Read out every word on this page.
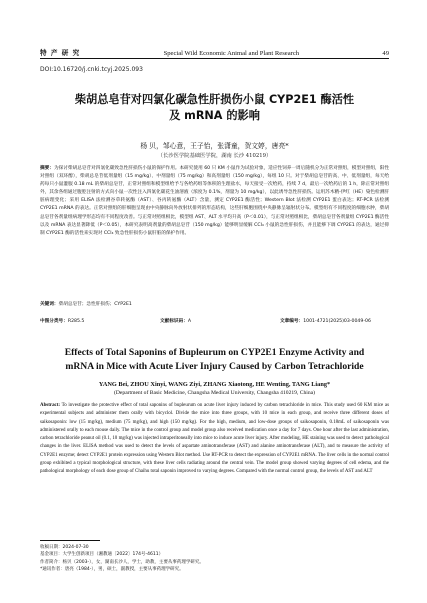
特 产 研 究	Special Wild Economic Animal and Plant Research	49
DOI:10.16720/j.cnki.tcyj.2025.093
柴胡总皂苷对四氯化碳急性肝损伤小鼠 CYP2E1 酶活性
及 mRNA 的影响
杨 贝，邹心意，王子怡，张潇童，贺文婷，唐亮*
（长沙医学院基础医学院，湖南 长沙 410219）
摘要：为探讨柴胡总皂苷对四氯化碳致急性肝损伤小鼠的保护作用。本研究使用 60 只 KM 小鼠作为试验对象，适应性饲养一周后随机分为正常对照组，模型对照组，阳性对照组（双环醇），柴胡总皂苷低剂量组（15 mg/kg）、中剂量组（75 mg/kg）和高剂量组（150 mg/kg），每组 10 只。对于柴胡总皂苷的高、中、低剂量组，每天给药每只小鼠灌服 0.18 mL 的柴胡总皂苷，正常对照组和模型组给予与各给药组等体积的生理盐水，每天接受一次给药，持续 7 d，最后一次给药后的 1 h，除正常对照组外，其余各组通过腹腔注射的方式向小鼠一次性注入四氯化碳花生油溶液（浓度为 0.1%，剂量为 10 mg/kg），以此诱导急性肝损伤。运用苏木精-伊红（HE）染色检测肝脏病理变化；采用 ELISA 法检测谷草转氨酶（AST）、谷丙转氨酶（ALT）含量，测定 CYP2E1 酶活性；Western Blot 法检测 CYP2E1 蛋白表达；RT-PCR 法检测 CYP2E1 mRNA 的表达。正常对照组的肝细胞呈现由中央静脉向外放射状排列的形态结构，这些肝细胞围绕中央静脉呈辐射状分布。模型组有不同程度的细胞水肿，柴胡总皂苷各剂量组病理学形态均有不同程度改善。与正常对照组相比，模型组 AST、ALT 水平均升高（P＜0.01），与正常对照组相比，柴胡总皂苷各剂量组 CYP2E1 酶活性以及 mRNA 表达显著降低（P＜0.05），本研究表明高剂量的柴胡总皂苷（150 mg/kg）能够明显缓解 CCl₄ 小鼠的急性肝损伤，并且能够下调 CYP2E1 的表达，通过抑制 CYP2E1 酶的活性来实现对 CCl₄ 致急性肝损伤小鼠肝脏的保护作用。
关键词：柴胡总皂苷；急性肝损伤；CYP2E1
中图分类号：R285.5	文献标识码：A	文章编号：1001-4721(2025)03-0049-06
Effects of Total Saponins of Bupleurum on CYP2E1 Enzyme Activity and
mRNA in Mice with Acute Liver Injury Caused by Carbon Tetrachloride
YANG Bei, ZHOU Xinyi, WANG Ziyi, ZHANG Xiaotong, HE Wenting, TANG Liang*
(Department of Basic Medicine, Changsha Medical University, Changsha 410219, China)
Abstract: To investigate the protective effect of total saponins of bupleurum on acute liver injury induced by carbon tetrachloride in mice. This study used 60 KM mice as experimental subjects and administer them orally with bicyclol. Divide the mice into three groups, with 10 mice in each group, and receive three different doses of saikosaponin: low (15 mg/kg), medium (75 mg/kg), and high (150 mg/kg). For the high, medium, and low-dose groups of saikosaponin, 0.18mL of saikosaponin was administered orally to each mouse daily. The mice in the control group and model group also received medication once a day for 7 days. One hour after the last administration, carbon tetrachloride peanut oil (0.1, 10 mg/kg) was injected intraperitoneally into mice to induce acute liver injury. After modeling, HE staining was used to detect pathological changes in the liver. ELISA method was used to detect the levels of aspartate aminotransferase (AST) and alanine aminotransferase (ALT), and to measure the activity of CYP2E1 enzyme; detect CYP2E1 protein expression using Western Blot method. Use RT-PCR to detect the expression of CYP2E1 mRNA. The liver cells in the normal control group exhibited a typical morphological structure, with these liver cells radiating around the central vein. The model group showed varying degrees of cell edema, and the pathological morphology of each dose group of Chaihu total saponin improved to varying degrees. Compared with the normal control group, the levels of AST and ALT
收稿日期：2024-07-30
基金项目：大学生创新项目（湘教通〔2022〕174号-4611）
作者简介：杨贝（2003-），女，湖南长沙人，学士，助教，主要从事药理学研究。
*通讯作者：唐亮（1984-），男，硕士，副教授，主要从事药理学研究。
